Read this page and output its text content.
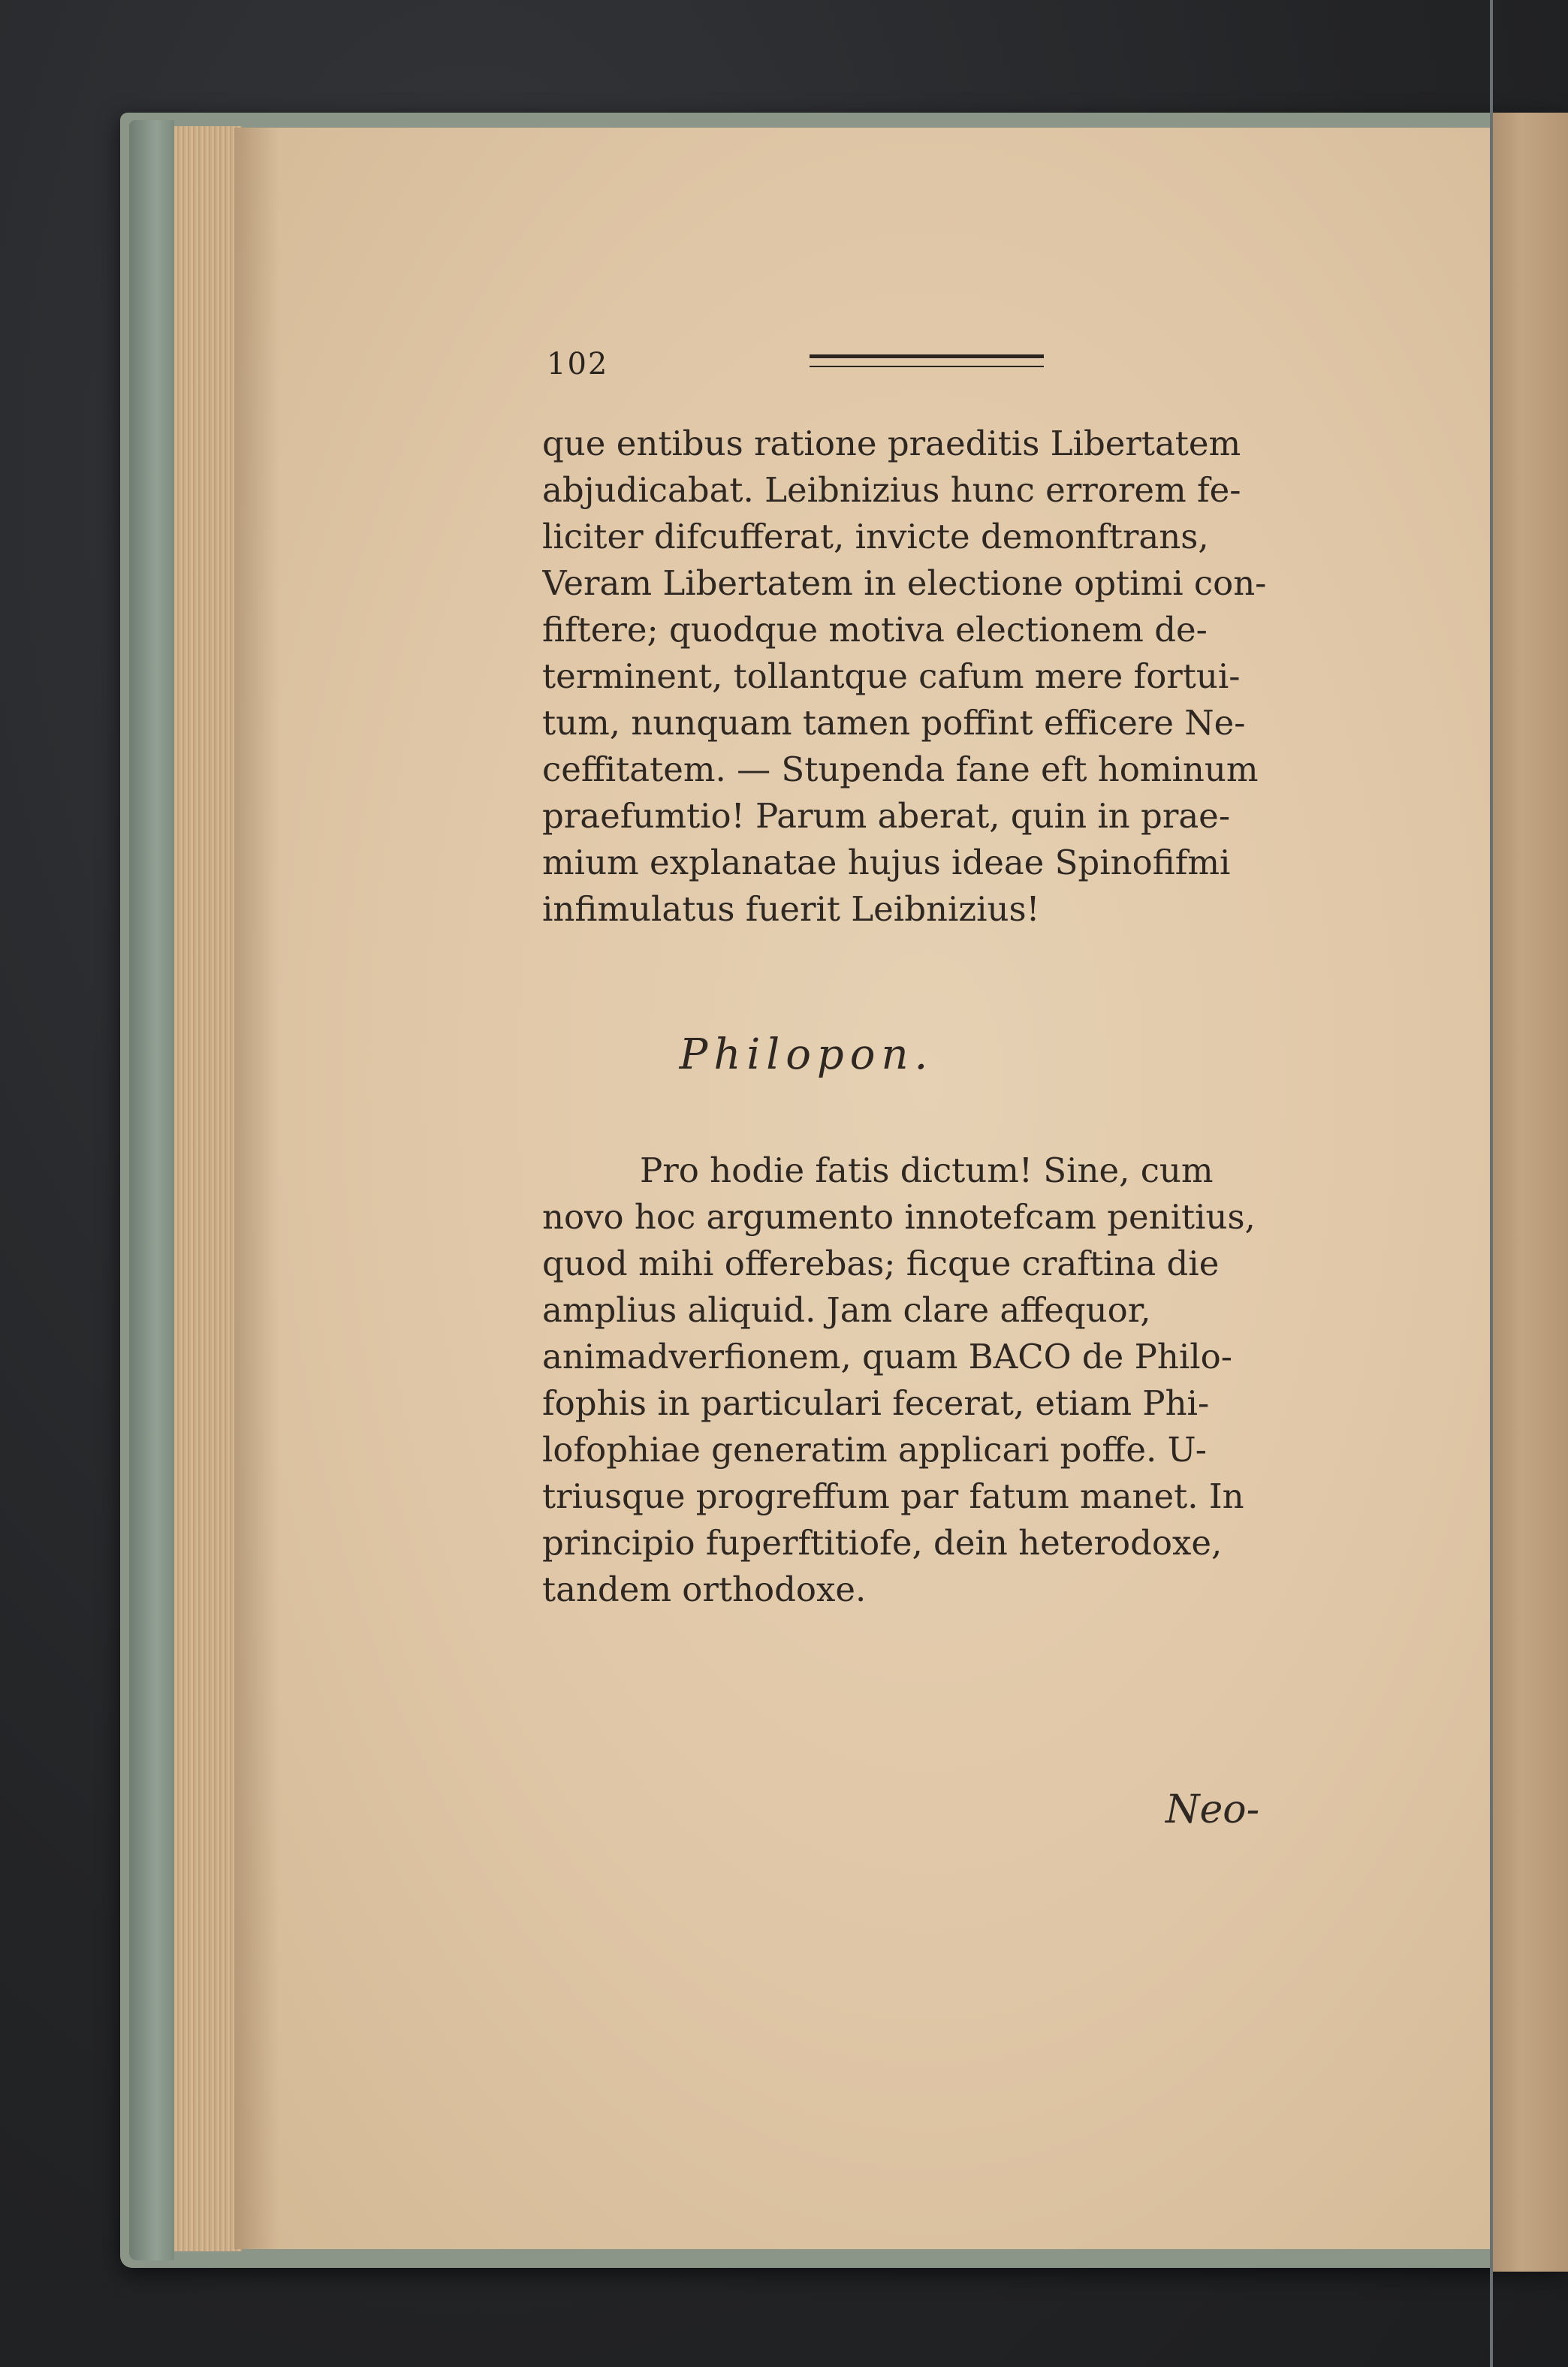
102
que entibus ratione praeditis Libertatem
abjudicabat. Leibnizius hunc errorem fe-
liciter difcufferat, invicte demonftrans,
Veram Libertatem in electione optimi con-
fiftere; quodque motiva electionem de-
terminent, tollantque cafum mere fortui-
tum, nunquam tamen poffint efficere Ne-
ceffitatem. — Stupenda fane eft hominum
praefumtio! Parum aberat, quin in prae-
mium explanatae hujus ideae Spinofifmi
infimulatus fuerit Leibnizius!
Philopon.
Pro hodie fatis dictum! Sine, cum
novo hoc argumento innotefcam penitius,
quod mihi offerebas; ficque craftina die
amplius aliquid. Jam clare affequor,
animadverfionem, quam BACO de Philo-
fophis in particulari fecerat, etiam Phi-
lofophiae generatim applicari poffe. U-
triusque progreffum par fatum manet. In
principio fuperftitiofe, dein heterodoxe,
tandem orthodoxe.
Neo-
